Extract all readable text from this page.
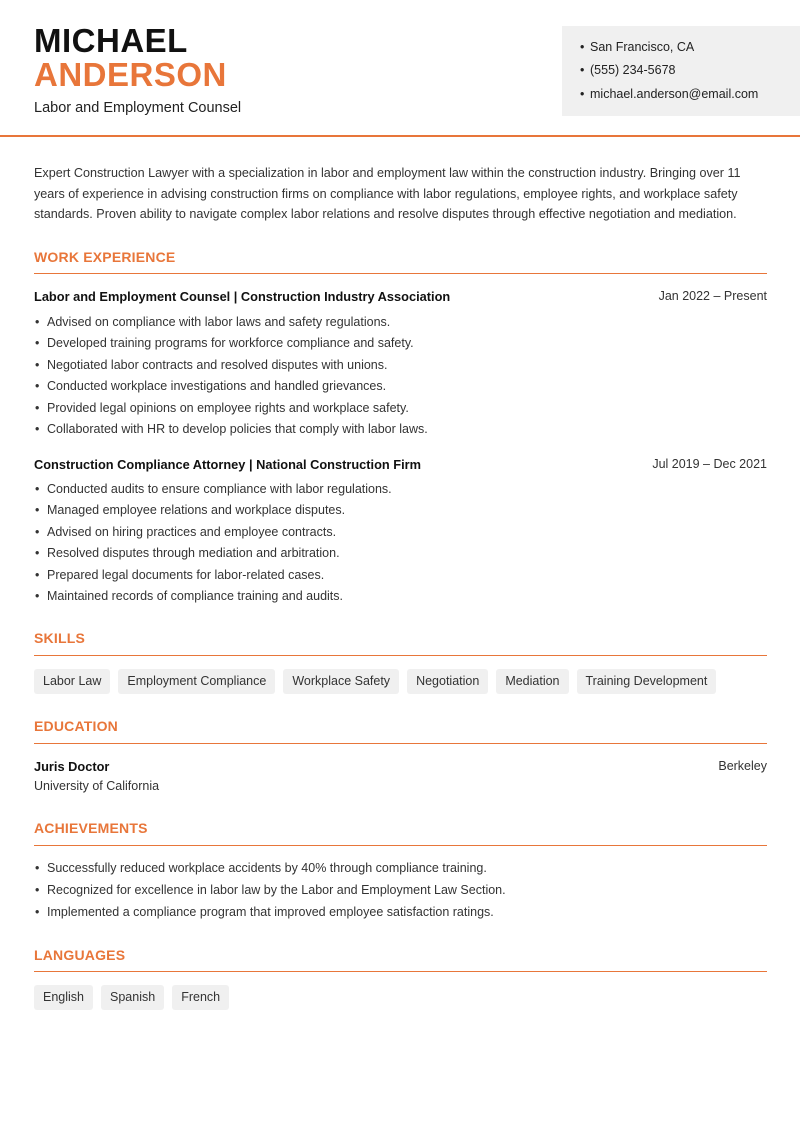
MICHAEL
ANDERSON
Labor and Employment Counsel
• San Francisco, CA
• (555) 234-5678
• michael.anderson@email.com

Expert Construction Lawyer with a specialization in labor and employment law within the construction industry. Bringing over 11 years of experience in advising construction firms on compliance with labor regulations, employee rights, and workplace safety standards. Proven ability to navigate complex labor relations and resolve disputes through effective negotiation and mediation.

WORK EXPERIENCE
Labor and Employment Counsel | Construction Industry Association	Jan 2022 – Present
• Advised on compliance with labor laws and safety regulations.
• Developed training programs for workforce compliance and safety.
• Negotiated labor contracts and resolved disputes with unions.
• Conducted workplace investigations and handled grievances.
• Provided legal opinions on employee rights and workplace safety.
• Collaborated with HR to develop policies that comply with labor laws.
Construction Compliance Attorney | National Construction Firm	Jul 2019 – Dec 2021
• Conducted audits to ensure compliance with labor regulations.
• Managed employee relations and workplace disputes.
• Advised on hiring practices and employee contracts.
• Resolved disputes through mediation and arbitration.
• Prepared legal documents for labor-related cases.
• Maintained records of compliance training and audits.
SKILLS
Labor Law	Employment Compliance	Workplace Safety	Negotiation	Mediation	Training Development
EDUCATION
Juris Doctor
University of California
Berkeley
ACHIEVEMENTS
• Successfully reduced workplace accidents by 40% through compliance training.
• Recognized for excellence in labor law by the Labor and Employment Law Section.
• Implemented a compliance program that improved employee satisfaction ratings.
LANGUAGES
English	Spanish	French
